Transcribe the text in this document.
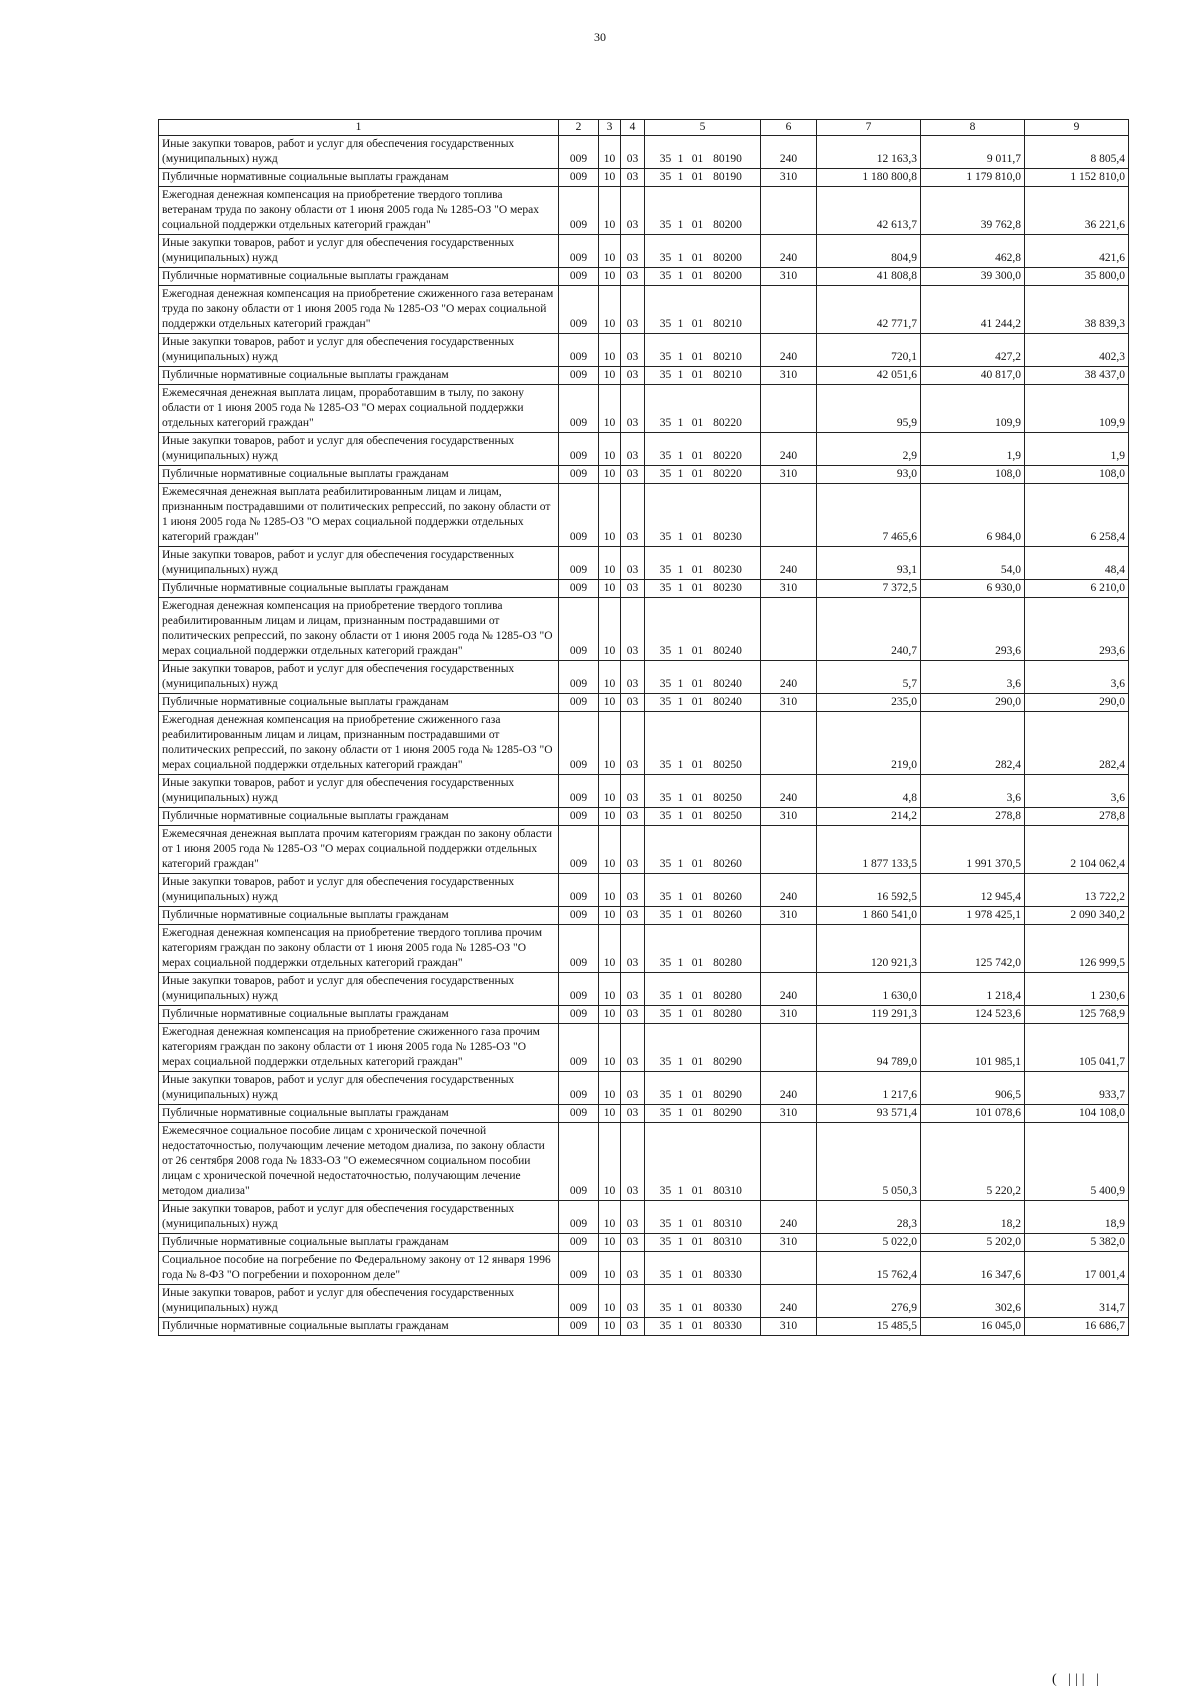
30
1	2	3	4	5	6	7	8	9
Иные закупки товаров, работ и услуг для обеспечения государственных (муниципальных) нужд	009	10	03	35 1 01 80190	240	12 163,3	9 011,7	8 805,4
Публичные нормативные социальные выплаты гражданам	009	10	03	35 1 01 80190	310	1 180 800,8	1 179 810,0	1 152 810,0
Ежегодная денежная компенсация на приобретение твердого топлива ветеранам труда по закону области от 1 июня 2005 года № 1285-ОЗ "О мерах социальной поддержки отдельных категорий граждан"	009	10	03	35 1 01 80200		42 613,7	39 762,8	36 221,6
Иные закупки товаров, работ и услуг для обеспечения государственных (муниципальных) нужд	009	10	03	35 1 01 80200	240	804,9	462,8	421,6
Публичные нормативные социальные выплаты гражданам	009	10	03	35 1 01 80200	310	41 808,8	39 300,0	35 800,0
Ежегодная денежная компенсация на приобретение сжиженного газа ветеранам труда по закону области от 1 июня 2005 года № 1285-ОЗ "О мерах социальной поддержки отдельных категорий граждан"	009	10	03	35 1 01 80210		42 771,7	41 244,2	38 839,3
Иные закупки товаров, работ и услуг для обеспечения государственных (муниципальных) нужд	009	10	03	35 1 01 80210	240	720,1	427,2	402,3
Публичные нормативные социальные выплаты гражданам	009	10	03	35 1 01 80210	310	42 051,6	40 817,0	38 437,0
Ежемесячная денежная выплата лицам, проработавшим в тылу, по закону области от 1 июня 2005 года № 1285-ОЗ "О мерах социальной поддержки отдельных категорий граждан"	009	10	03	35 1 01 80220		95,9	109,9	109,9
Иные закупки товаров, работ и услуг для обеспечения государственных (муниципальных) нужд	009	10	03	35 1 01 80220	240	2,9	1,9	1,9
Публичные нормативные социальные выплаты гражданам	009	10	03	35 1 01 80220	310	93,0	108,0	108,0
Ежемесячная денежная выплата реабилитированным лицам и лицам, признанным пострадавшими от политических репрессий, по закону области от 1 июня 2005 года № 1285-ОЗ "О мерах социальной поддержки отдельных категорий граждан"	009	10	03	35 1 01 80230		7 465,6	6 984,0	6 258,4
Иные закупки товаров, работ и услуг для обеспечения государственных (муниципальных) нужд	009	10	03	35 1 01 80230	240	93,1	54,0	48,4
Публичные нормативные социальные выплаты гражданам	009	10	03	35 1 01 80230	310	7 372,5	6 930,0	6 210,0
Ежегодная денежная компенсация на приобретение твердого топлива реабилитированным лицам и лицам, признанным пострадавшими от политических репрессий, по закону области от 1 июня 2005 года № 1285-ОЗ "О мерах социальной поддержки отдельных категорий граждан"	009	10	03	35 1 01 80240		240,7	293,6	293,6
Иные закупки товаров, работ и услуг для обеспечения государственных (муниципальных) нужд	009	10	03	35 1 01 80240	240	5,7	3,6	3,6
Публичные нормативные социальные выплаты гражданам	009	10	03	35 1 01 80240	310	235,0	290,0	290,0
Ежегодная денежная компенсация на приобретение сжиженного газа реабилитированным лицам и лицам, признанным пострадавшими от политических репрессий, по закону области от 1 июня 2005 года № 1285-ОЗ "О мерах социальной поддержки отдельных категорий граждан"	009	10	03	35 1 01 80250		219,0	282,4	282,4
Иные закупки товаров, работ и услуг для обеспечения государственных (муниципальных) нужд	009	10	03	35 1 01 80250	240	4,8	3,6	3,6
Публичные нормативные социальные выплаты гражданам	009	10	03	35 1 01 80250	310	214,2	278,8	278,8
Ежемесячная денежная выплата прочим категориям граждан по закону области от 1 июня 2005 года № 1285-ОЗ "О мерах социальной поддержки отдельных категорий граждан"	009	10	03	35 1 01 80260		1 877 133,5	1 991 370,5	2 104 062,4
Иные закупки товаров, работ и услуг для обеспечения государственных (муниципальных) нужд	009	10	03	35 1 01 80260	240	16 592,5	12 945,4	13 722,2
Публичные нормативные социальные выплаты гражданам	009	10	03	35 1 01 80260	310	1 860 541,0	1 978 425,1	2 090 340,2
Ежегодная денежная компенсация на приобретение твердого топлива прочим категориям граждан по закону области от 1 июня 2005 года № 1285-ОЗ "О мерах социальной поддержки отдельных категорий граждан"	009	10	03	35 1 01 80280		120 921,3	125 742,0	126 999,5
Иные закупки товаров, работ и услуг для обеспечения государственных (муниципальных) нужд	009	10	03	35 1 01 80280	240	1 630,0	1 218,4	1 230,6
Публичные нормативные социальные выплаты гражданам	009	10	03	35 1 01 80280	310	119 291,3	124 523,6	125 768,9
Ежегодная денежная компенсация на приобретение сжиженного газа прочим категориям граждан по закону области от 1 июня 2005 года № 1285-ОЗ "О мерах социальной поддержки отдельных категорий граждан"	009	10	03	35 1 01 80290		94 789,0	101 985,1	105 041,7
Иные закупки товаров, работ и услуг для обеспечения государственных (муниципальных) нужд	009	10	03	35 1 01 80290	240	1 217,6	906,5	933,7
Публичные нормативные социальные выплаты гражданам	009	10	03	35 1 01 80290	310	93 571,4	101 078,6	104 108,0
Ежемесячное социальное пособие лицам с хронической почечной недостаточностью, получающим лечение методом диализа, по закону области от 26 сентября 2008 года № 1833-ОЗ "О ежемесячном социальном пособии лицам с хронической почечной недостаточностью, получающим лечение методом диализа"	009	10	03	35 1 01 80310		5 050,3	5 220,2	5 400,9
Иные закупки товаров, работ и услуг для обеспечения государственных (муниципальных) нужд	009	10	03	35 1 01 80310	240	28,3	18,2	18,9
Публичные нормативные социальные выплаты гражданам	009	10	03	35 1 01 80310	310	5 022,0	5 202,0	5 382,0
Социальное пособие на погребение по Федеральному закону от 12 января 1996 года № 8-ФЗ "О погребении и похоронном деле"	009	10	03	35 1 01 80330		15 762,4	16 347,6	17 001,4
Иные закупки товаров, работ и услуг для обеспечения государственных (муниципальных) нужд	009	10	03	35 1 01 80330	240	276,9	302,6	314,7
Публичные нормативные социальные выплаты гражданам	009	10	03	35 1 01 80330	310	15 485,5	16 045,0	16 686,7
( ||| |
